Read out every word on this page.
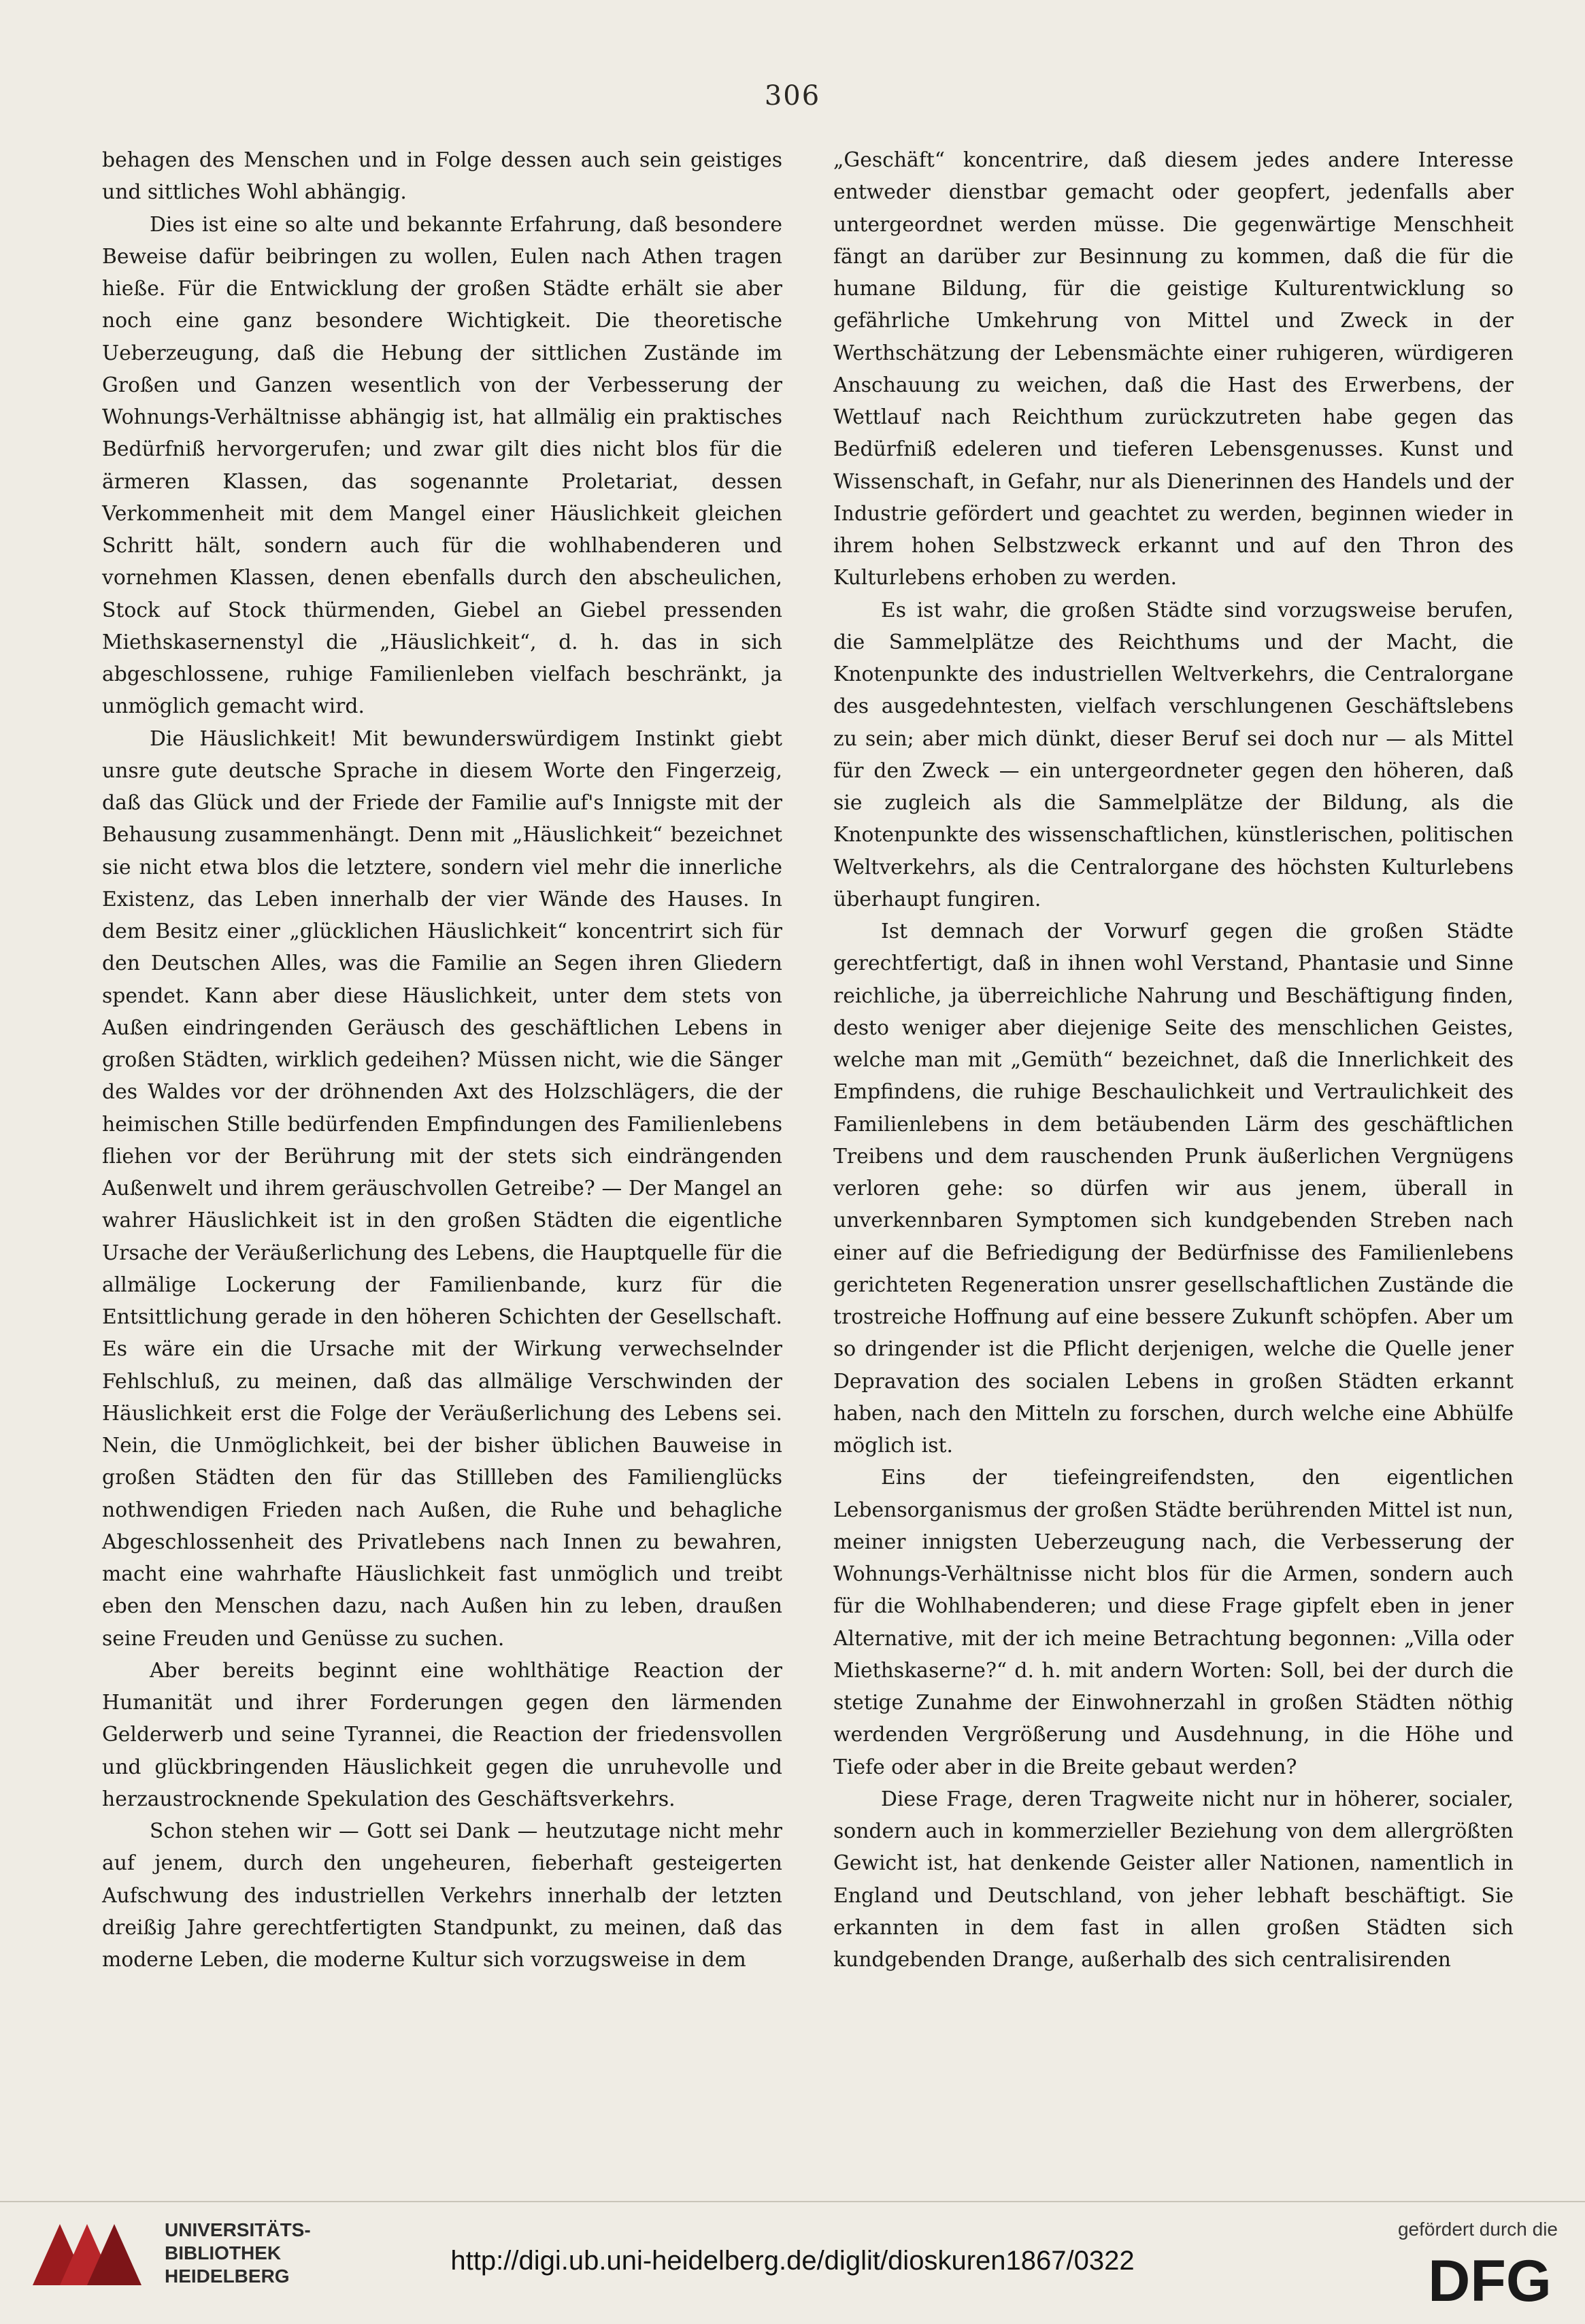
306

behagen des Menschen und in Folge dessen auch sein geistiges und sittliches Wohl abhängig.

Dies ist eine so alte und bekannte Erfahrung, daß besondere Beweise dafür beibringen zu wollen, Eulen nach Athen tragen hieße. Für die Entwicklung der großen Städte erhält sie aber noch eine ganz besondere Wichtigkeit. Die theoretische Ueberzeugung, daß die Hebung der sittlichen Zustände im Großen und Ganzen wesentlich von der Verbesserung der Wohnungs-Verhältnisse abhängig ist, hat allmälig ein praktisches Bedürfniß hervorgerufen; und zwar gilt dies nicht blos für die ärmeren Klassen, das sogenannte Proletariat, dessen Verkommenheit mit dem Mangel einer Häuslichkeit gleichen Schritt hält, sondern auch für die wohlhabenderen und vornehmen Klassen, denen ebenfalls durch den abscheulichen, Stock auf Stock thürmenden, Giebel an Giebel pressenden Miethskasernenstyl die „Häuslichkeit“, d. h. das in sich abgeschlossene, ruhige Familienleben vielfach beschränkt, ja unmöglich gemacht wird.

Die Häuslichkeit! Mit bewunderswürdigem Instinkt giebt unsre gute deutsche Sprache in diesem Worte den Fingerzeig, daß das Glück und der Friede der Familie auf's Innigste mit der Behausung zusammenhängt. Denn mit „Häuslichkeit“ bezeichnet sie nicht etwa blos die letztere, sondern viel mehr die innerliche Existenz, das Leben innerhalb der vier Wände des Hauses. In dem Besitz einer „glücklichen Häuslichkeit“ koncentrirt sich für den Deutschen Alles, was die Familie an Segen ihren Gliedern spendet. Kann aber diese Häuslichkeit, unter dem stets von Außen eindringenden Geräusch des geschäftlichen Lebens in großen Städten, wirklich gedeihen? Müssen nicht, wie die Sänger des Waldes vor der dröhnenden Axt des Holzschlägers, die der heimischen Stille bedürfenden Empfindungen des Familienlebens fliehen vor der Berührung mit der stets sich eindrängenden Außenwelt und ihrem geräuschvollen Getreibe? — Der Mangel an wahrer Häuslichkeit ist in den großen Städten die eigentliche Ursache der Veräußerlichung des Lebens, die Hauptquelle für die allmälige Lockerung der Familienbande, kurz für die Entsittlichung gerade in den höheren Schichten der Gesellschaft. Es wäre ein die Ursache mit der Wirkung verwechselnder Fehlschluß, zu meinen, daß das allmälige Verschwinden der Häuslichkeit erst die Folge der Veräußerlichung des Lebens sei. Nein, die Unmöglichkeit, bei der bisher üblichen Bauweise in großen Städten den für das Stillleben des Familienglücks nothwendigen Frieden nach Außen, die Ruhe und behagliche Abgeschlossenheit des Privatlebens nach Innen zu bewahren, macht eine wahrhafte Häuslichkeit fast unmöglich und treibt eben den Menschen dazu, nach Außen hin zu leben, draußen seine Freuden und Genüsse zu suchen.

Aber bereits beginnt eine wohlthätige Reaction der Humanität und ihrer Forderungen gegen den lärmenden Gelderwerb und seine Tyrannei, die Reaction der friedensvollen und glückbringenden Häuslichkeit gegen die unruhevolle und herzaustrocknende Spekulation des Geschäftsverkehrs.

Schon stehen wir — Gott sei Dank — heutzutage nicht mehr auf jenem, durch den ungeheuren, fieberhaft gesteigerten Aufschwung des industriellen Verkehrs innerhalb der letzten dreißig Jahre gerechtfertigten Standpunkt, zu meinen, daß das moderne Leben, die moderne Kultur sich vorzugsweise in dem

„Geschäft“ koncentrire, daß diesem jedes andere Interesse entweder dienstbar gemacht oder geopfert, jedenfalls aber untergeordnet werden müsse. Die gegenwärtige Menschheit fängt an darüber zur Besinnung zu kommen, daß die für die humane Bildung, für die geistige Kulturentwicklung so gefährliche Umkehrung von Mittel und Zweck in der Werthschätzung der Lebensmächte einer ruhigeren, würdigeren Anschauung zu weichen, daß die Hast des Erwerbens, der Wettlauf nach Reichthum zurückzutreten habe gegen das Bedürfniß edeleren und tieferen Lebensgenusses. Kunst und Wissenschaft, in Gefahr, nur als Dienerinnen des Handels und der Industrie gefördert und geachtet zu werden, beginnen wieder in ihrem hohen Selbstzweck erkannt und auf den Thron des Kulturlebens erhoben zu werden.

Es ist wahr, die großen Städte sind vorzugsweise berufen, die Sammelplätze des Reichthums und der Macht, die Knotenpunkte des industriellen Weltverkehrs, die Centralorgane des ausgedehntesten, vielfach verschlungenen Geschäftslebens zu sein; aber mich dünkt, dieser Beruf sei doch nur — als Mittel für den Zweck — ein untergeordneter gegen den höheren, daß sie zugleich als die Sammelplätze der Bildung, als die Knotenpunkte des wissenschaftlichen, künstlerischen, politischen Weltverkehrs, als die Centralorgane des höchsten Kulturlebens überhaupt fungiren.

Ist demnach der Vorwurf gegen die großen Städte gerechtfertigt, daß in ihnen wohl Verstand, Phantasie und Sinne reichliche, ja überreichliche Nahrung und Beschäftigung finden, desto weniger aber diejenige Seite des menschlichen Geistes, welche man mit „Gemüth“ bezeichnet, daß die Innerlichkeit des Empfindens, die ruhige Beschaulichkeit und Vertraulichkeit des Familienlebens in dem betäubenden Lärm des geschäftlichen Treibens und dem rauschenden Prunk äußerlichen Vergnügens verloren gehe: so dürfen wir aus jenem, überall in unverkennbaren Symptomen sich kundgebenden Streben nach einer auf die Befriedigung der Bedürfnisse des Familienlebens gerichteten Regeneration unsrer gesellschaftlichen Zustände die trostreiche Hoffnung auf eine bessere Zukunft schöpfen. Aber um so dringender ist die Pflicht derjenigen, welche die Quelle jener Depravation des socialen Lebens in großen Städten erkannt haben, nach den Mitteln zu forschen, durch welche eine Abhülfe möglich ist.

Eins der tiefeingreifendsten, den eigentlichen Lebensorganismus der großen Städte berührenden Mittel ist nun, meiner innigsten Ueberzeugung nach, die Verbesserung der Wohnungs-Verhältnisse nicht blos für die Armen, sondern auch für die Wohlhabenderen; und diese Frage gipfelt eben in jener Alternative, mit der ich meine Betrachtung begonnen: „Villa oder Miethskaserne?“ d. h. mit andern Worten: Soll, bei der durch die stetige Zunahme der Einwohnerzahl in großen Städten nöthig werdenden Vergrößerung und Ausdehnung, in die Höhe und Tiefe oder aber in die Breite gebaut werden?

Diese Frage, deren Tragweite nicht nur in höherer, socialer, sondern auch in kommerzieller Beziehung von dem allergrößten Gewicht ist, hat denkende Geister aller Nationen, namentlich in England und Deutschland, von jeher lebhaft beschäftigt. Sie erkannten in dem fast in allen großen Städten sich kundgebenden Drange, außerhalb des sich centralisirenden

UNIVERSITÄTS-
BIBLIOTHEK
HEIDELBERG
http://digi.ub.uni-heidelberg.de/diglit/dioskuren1867/0322
gefördert durch die
DFG
